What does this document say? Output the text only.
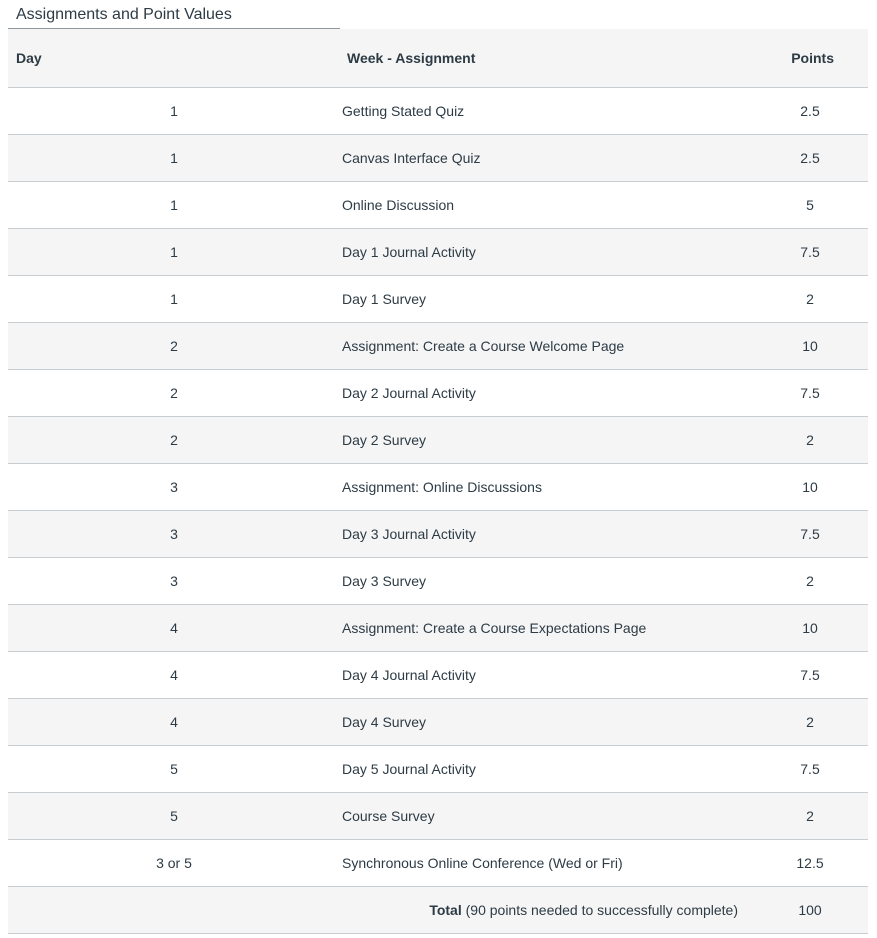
Assignments and Point Values
Day	Week - Assignment	Points
1	Getting Stated Quiz	2.5
1	Canvas Interface Quiz	2.5
1	Online Discussion	5
1	Day 1 Journal Activity	7.5
1	Day 1 Survey	2
2	Assignment: Create a Course Welcome Page	10
2	Day 2 Journal Activity	7.5
2	Day 2 Survey	2
3	Assignment: Online Discussions	10
3	Day 3 Journal Activity	7.5
3	Day 3 Survey	2
4	Assignment: Create a Course Expectations Page	10
4	Day 4 Journal Activity	7.5
4	Day 4 Survey	2
5	Day 5 Journal Activity	7.5
5	Course Survey	2
3 or 5	Synchronous Online Conference (Wed or Fri)	12.5
	Total (90 points needed to successfully complete)	100
